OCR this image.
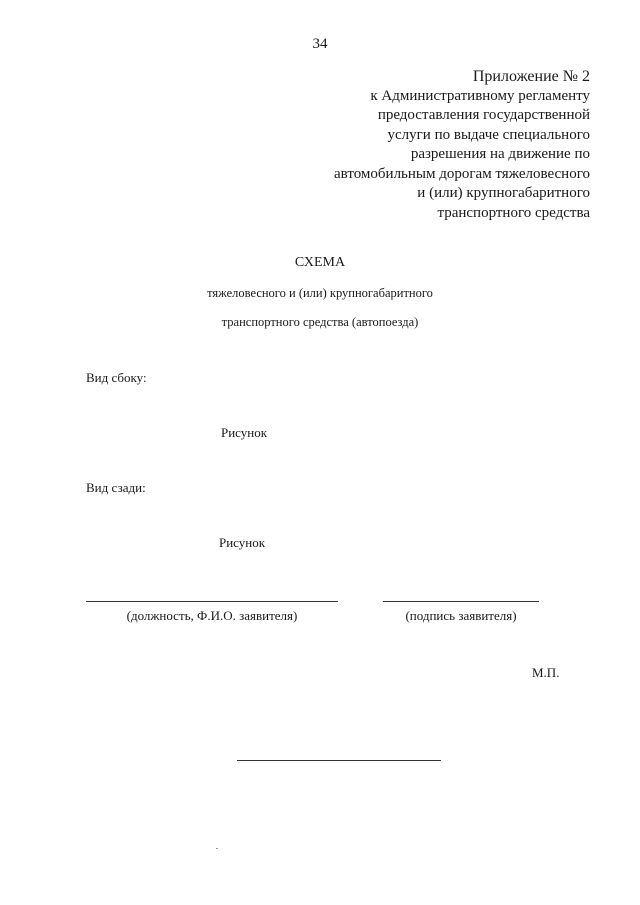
34
Приложение № 2
к Административному регламенту
предоставления государственной
услуги по выдаче специального
разрешения на движение по
автомобильным дорогам тяжеловесного
и (или) крупногабаритного
транспортного средства
СХЕМА
тяжеловесного и (или) крупногабаритного
транспортного средства (автопоезда)
Вид сбоку:
Рисунок
Вид сзади:
Рисунок
(должность, Ф.И.О. заявителя)	(подпись заявителя)
М.П.
